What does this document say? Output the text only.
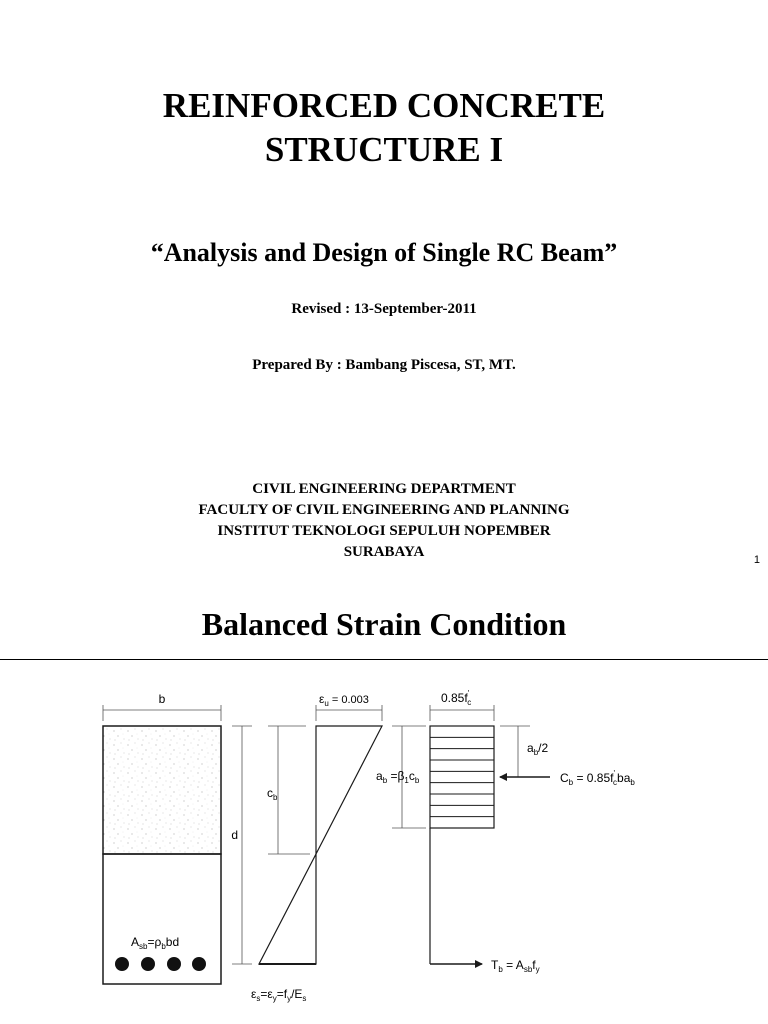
REINFORCED CONCRETE
STRUCTURE I
“Analysis and Design of Single RC Beam”
Revised : 13-September-2011
Prepared By : Bambang Piscesa, ST, MT.
CIVIL ENGINEERING DEPARTMENT
FACULTY OF CIVIL ENGINEERING AND PLANNING
INSTITUT TEKNOLOGI SEPULUH NOPEMBER
SURABAYA	1
Balanced Strain Condition
b
d
$A_{sb}=\rho_bbd$
$\varepsilon_u = 0.003$
$c_b$
$\varepsilon_s=\varepsilon_y=f_y/E_s$
$T_b = A_{sb}f_y$
0.85f' c
$a_b =\beta_1c_b$
$a_b/2$
$C_b = 0.85f'$ cba$_b$
